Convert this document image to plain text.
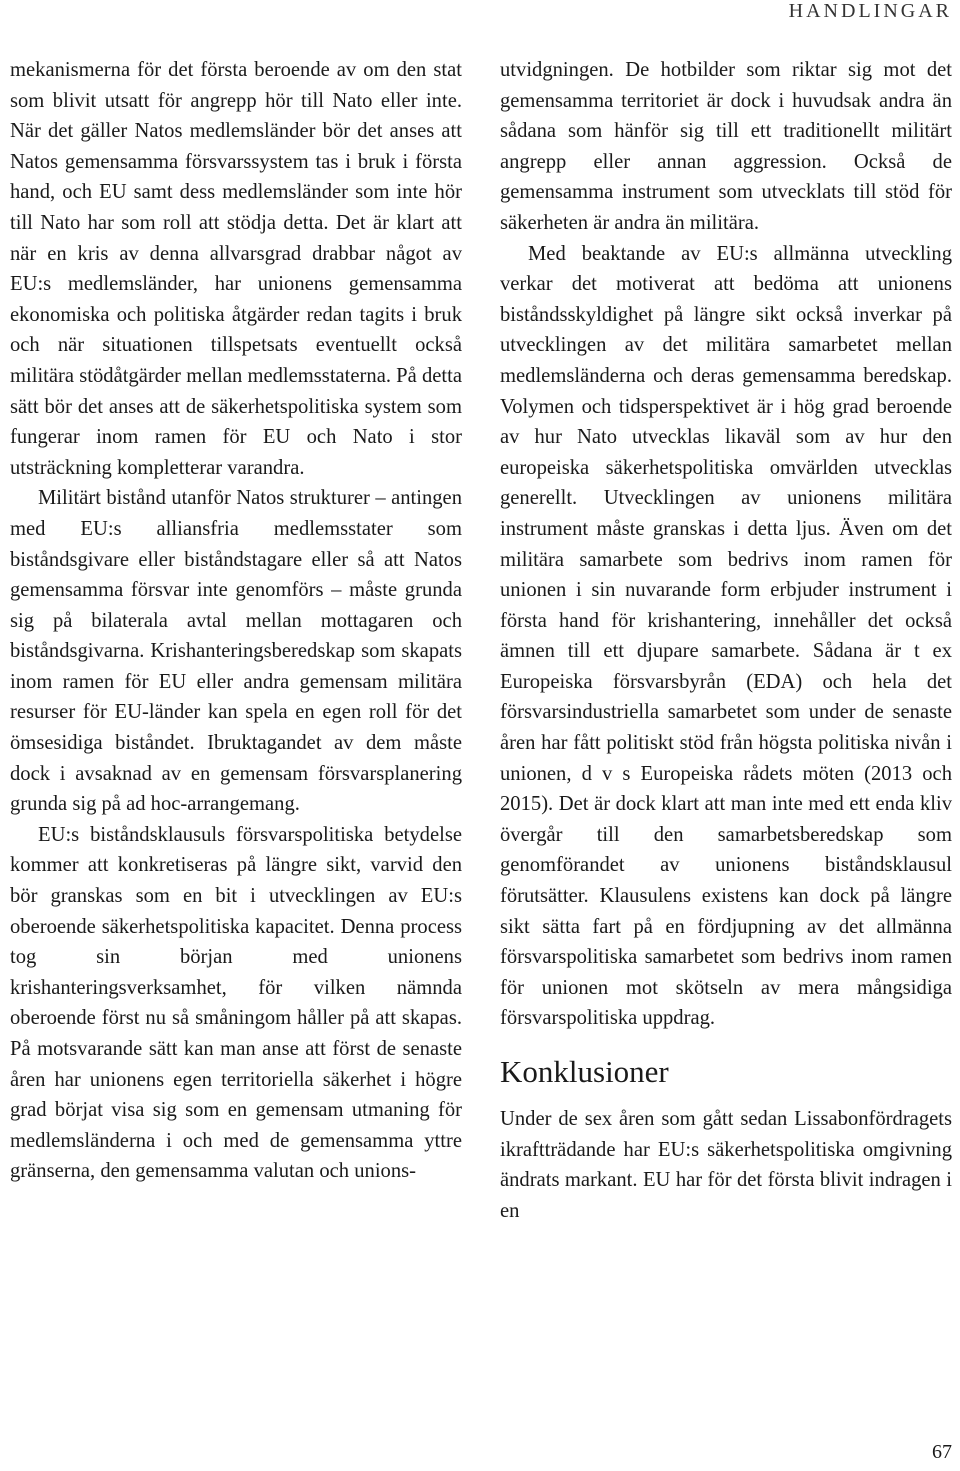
HANDLINGAR

mekanismerna för det första beroende av om den stat som blivit utsatt för angrepp hör till Nato eller inte. När det gäller Natos medlemsländer bör det anses att Natos gemensamma försvarssystem tas i bruk i första hand, och EU samt dess medlemsländer som inte hör till Nato har som roll att stödja detta. Det är klart att när en kris av denna allvarsgrad drabbar något av EU:s medlemsländer, har unionens gemensamma ekonomiska och politiska åtgärder redan tagits i bruk och när situationen tillspetsats eventuellt också militära stödåtgärder mellan medlemsstaterna. På detta sätt bör det anses att de säkerhetspolitiska system som fungerar inom ramen för EU och Nato i stor utsträckning kompletterar varandra.

Militärt bistånd utanför Natos strukturer – antingen med EU:s alliansfria medlemsstater som biståndsgivare eller biståndstagare eller så att Natos gemensamma försvar inte genomförs – måste grunda sig på bilaterala avtal mellan mottagaren och biståndsgivarna. Krishanteringsberedskap som skapats inom ramen för EU eller andra gemensam militära resurser för EU-länder kan spela en egen roll för det ömsesidiga biståndet. Ibruktagandet av dem måste dock i avsaknad av en gemensam försvarsplanering grunda sig på ad hoc-arrangemang.

EU:s biståndsklausuls försvarspolitiska betydelse kommer att konkretiseras på längre sikt, varvid den bör granskas som en bit i utvecklingen av EU:s oberoende säkerhetspolitiska kapacitet. Denna process tog sin början med unionens krishanteringsverksamhet, för vilken nämnda oberoende först nu så småningom håller på att skapas. På motsvarande sätt kan man anse att först de senaste åren har unionens egen territoriella säkerhet i högre grad börjat visa sig som en gemensam utmaning för medlemsländerna i och med de gemensamma yttre gränserna, den gemensamma valutan och unions-

utvidgningen. De hotbilder som riktar sig mot det gemensamma territoriet är dock i huvudsak andra än sådana som hänför sig till ett traditionellt militärt angrepp eller annan aggression. Också de gemensamma instrument som utvecklats till stöd för säkerheten är andra än militära.

Med beaktande av EU:s allmänna utveckling verkar det motiverat att bedöma att unionens biståndsskyldighet på längre sikt också inverkar på utvecklingen av det militära samarbetet mellan medlemsländerna och deras gemensamma beredskap. Volymen och tidsperspektivet är i hög grad beroende av hur Nato utvecklas likaväl som av hur den europeiska säkerhetspolitiska omvärlden utvecklas generellt. Utvecklingen av unionens militära instrument måste granskas i detta ljus. Även om det militära samarbete som bedrivs inom ramen för unionen i sin nuvarande form erbjuder instrument i första hand för krishantering, innehåller det också ämnen till ett djupare samarbete. Sådana är t ex Europeiska försvarsbyrån (EDA) och hela det försvarsindustriella samarbetet som under de senaste åren har fått politiskt stöd från högsta politiska nivån i unionen, d v s Europeiska rådets möten (2013 och 2015). Det är dock klart att man inte med ett enda kliv övergår till den samarbetsberedskap som genomförandet av unionens biståndsklausul förutsätter. Klausulens existens kan dock på längre sikt sätta fart på en fördjupning av det allmänna försvarspolitiska samarbetet som bedrivs inom ramen för unionen mot skötseln av mera mångsidiga försvarspolitiska uppdrag.

Konklusioner

Under de sex åren som gått sedan Lissabonfördragets ikraftträdande har EU:s säkerhetspolitiska omgivning ändrats markant. EU har för det första blivit indragen i en

67
